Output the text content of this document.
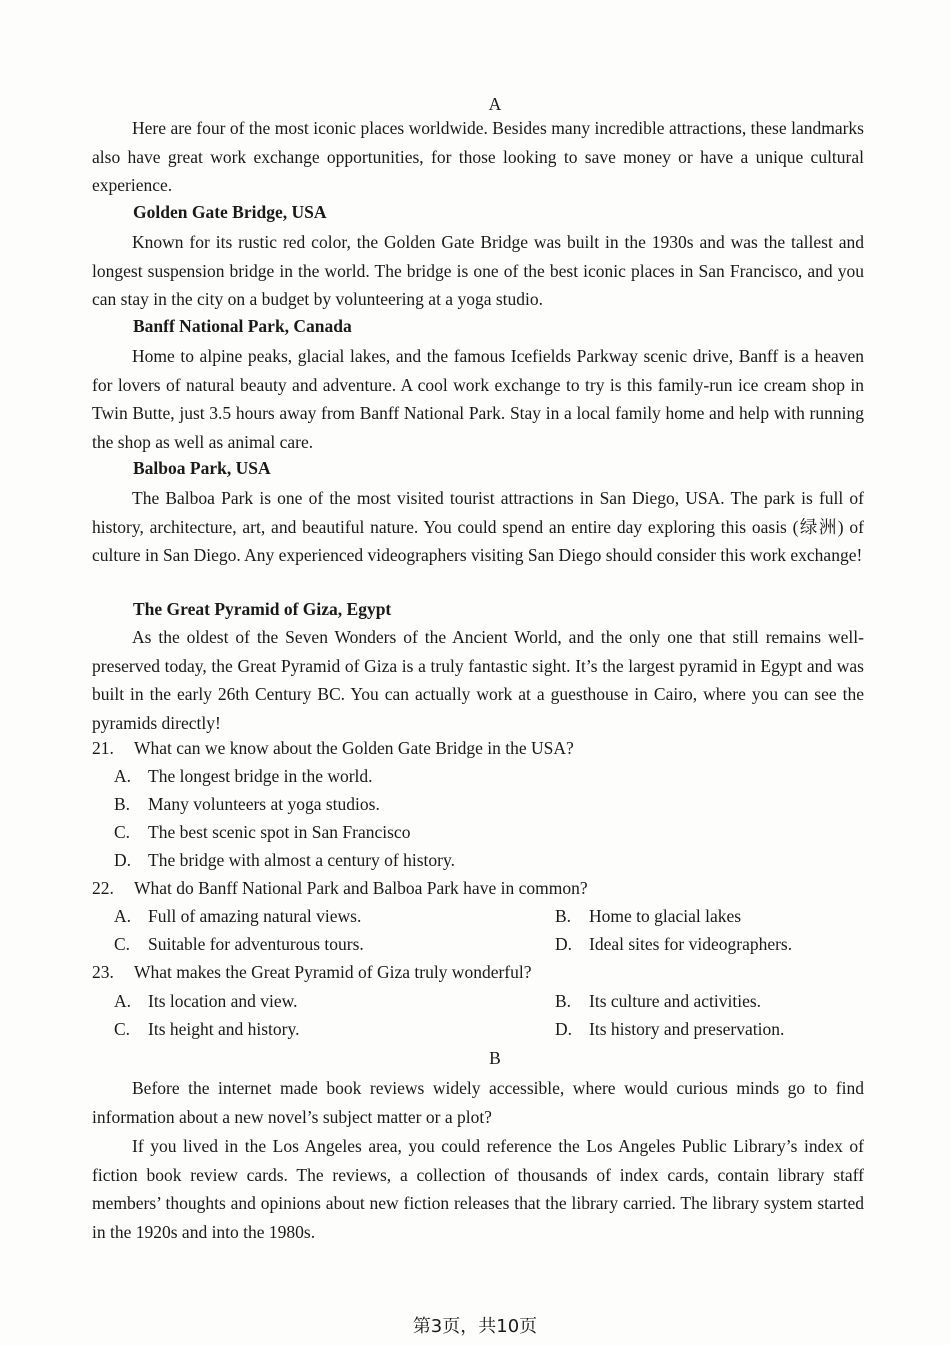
A

Here are four of the most iconic places worldwide. Besides many incredible attractions, these landmarks also have great work exchange opportunities, for those looking to save money or have a unique cultural experience.

Golden Gate Bridge, USA

Known for its rustic red color, the Golden Gate Bridge was built in the 1930s and was the tallest and longest suspension bridge in the world. The bridge is one of the best iconic places in San Francisco, and you can stay in the city on a budget by volunteering at a yoga studio.

Banff National Park, Canada

Home to alpine peaks, glacial lakes, and the famous Icefields Parkway scenic drive, Banff is a heaven for lovers of natural beauty and adventure. A cool work exchange to try is this family-run ice cream shop in Twin Butte, just 3.5 hours away from Banff National Park. Stay in a local family home and help with running the shop as well as animal care.

Balboa Park, USA

The Balboa Park is one of the most visited tourist attractions in San Diego, USA. The park is full of history, architecture, art, and beautiful nature. You could spend an entire day exploring this oasis (绿洲) of culture in San Diego. Any experienced videographers visiting San Diego should consider this work exchange!

The Great Pyramid of Giza, Egypt

As the oldest of the Seven Wonders of the Ancient World, and the only one that still remains well-preserved today, the Great Pyramid of Giza is a truly fantastic sight. It’s the largest pyramid in Egypt and was built in the early 26th Century BC. You can actually work at a guesthouse in Cairo, where you can see the pyramids directly!

21. What can we know about the Golden Gate Bridge in the USA?
A. The longest bridge in the world.
B. Many volunteers at yoga studios.
C. The best scenic spot in San Francisco
D. The bridge with almost a century of history.
22. What do Banff National Park and Balboa Park have in common?
A. Full of amazing natural views.	B. Home to glacial lakes
C. Suitable for adventurous tours.	D. Ideal sites for videographers.
23. What makes the Great Pyramid of Giza truly wonderful?
A. Its location and view.	B. Its culture and activities.
C. Its height and history.	D. Its history and preservation.
B

Before the internet made book reviews widely accessible, where would curious minds go to find information about a new novel’s subject matter or a plot?

If you lived in the Los Angeles area, you could reference the Los Angeles Public Library’s index of fiction book review cards. The reviews, a collection of thousands of index cards, contain library staff members’ thoughts and opinions about new fiction releases that the library carried. The library system started in the 1920s and into the 1980s.

第3页，共10页
